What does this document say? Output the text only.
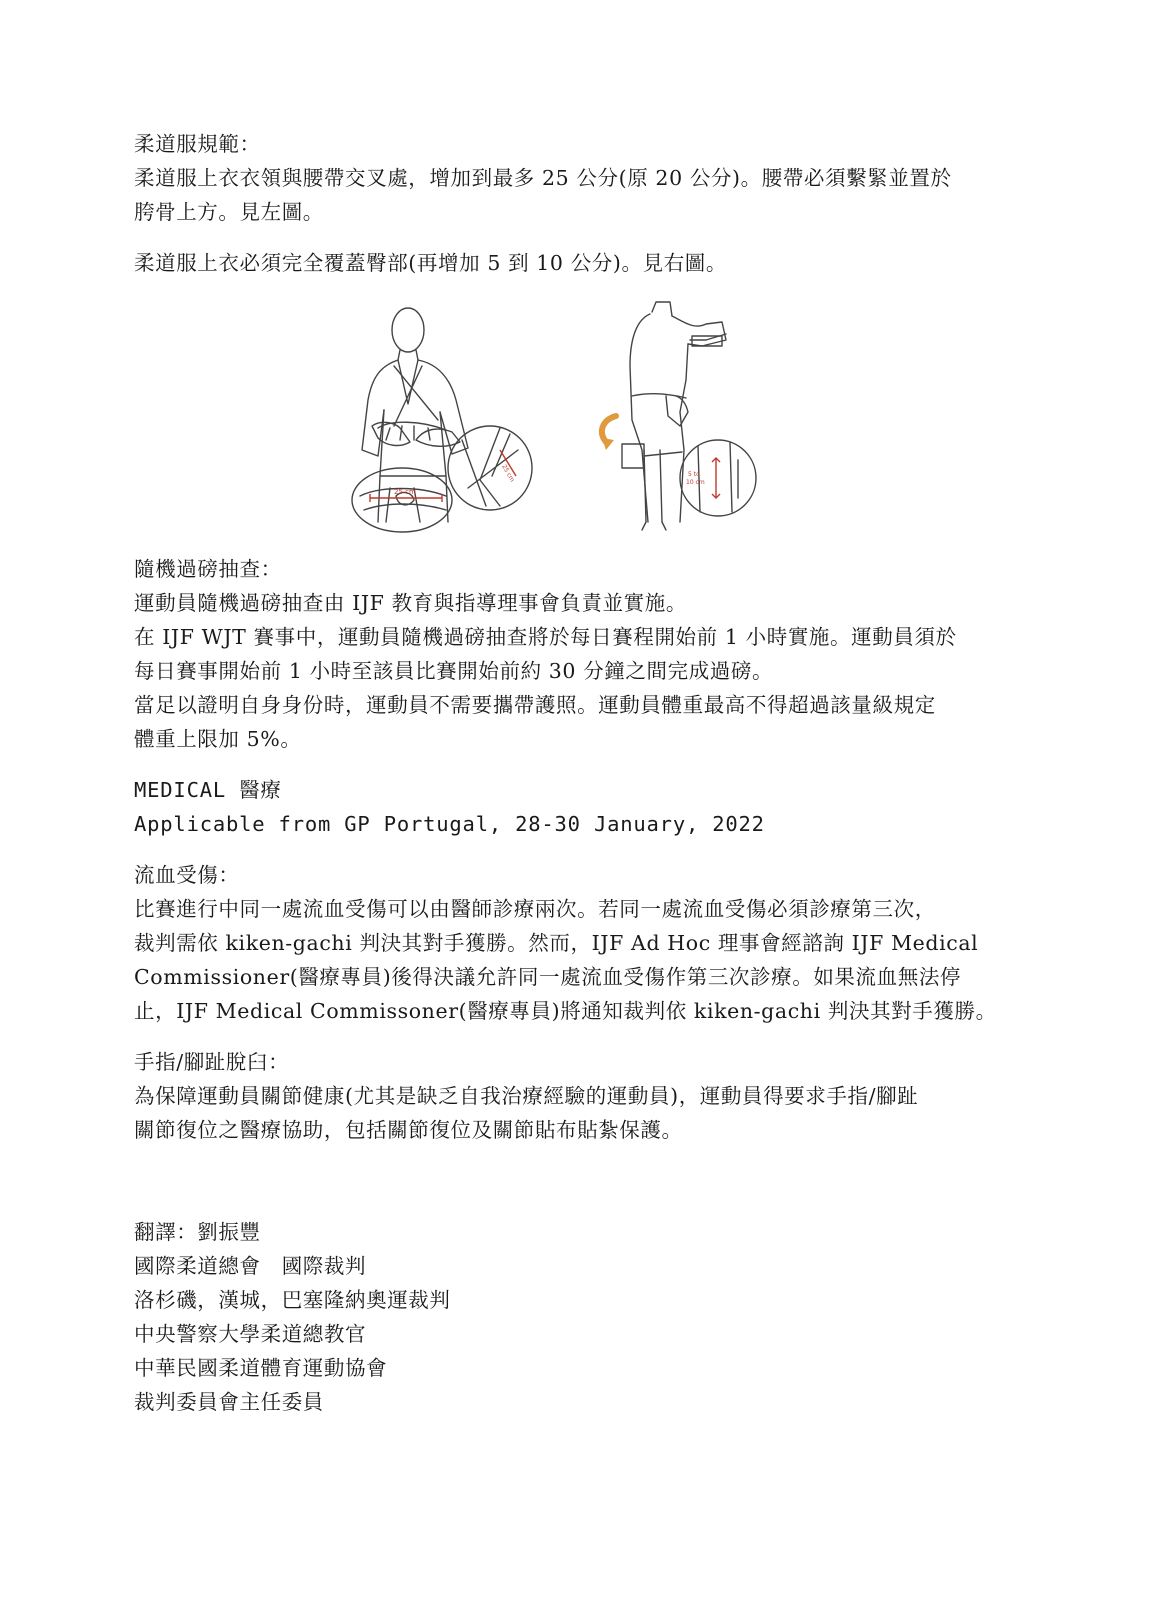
柔道服規範：
柔道服上衣衣領與腰帶交叉處，增加到最多 25 公分(原 20 公分)。腰帶必須繫緊並置於
胯骨上方。見左圖。
柔道服上衣必須完全覆蓋臀部(再增加 5 到 10 公分)。見右圖。
25 cm
25 cm	5 to
10 cm
隨機過磅抽查：
運動員隨機過磅抽查由 IJF 教育與指導理事會負責並實施。
在 IJF WJT 賽事中，運動員隨機過磅抽查將於每日賽程開始前 1 小時實施。運動員須於
每日賽事開始前 1 小時至該員比賽開始前約 30 分鐘之間完成過磅。
當足以證明自身身份時，運動員不需要攜帶護照。運動員體重最高不得超過該量級規定
體重上限加 5%。
MEDICAL 醫療
Applicable from GP Portugal, 28-30 January, 2022
流血受傷：
比賽進行中同一處流血受傷可以由醫師診療兩次。若同一處流血受傷必須診療第三次，
裁判需依 kiken-gachi 判決其對手獲勝。然而，IJF Ad Hoc 理事會經諮詢 IJF Medical
Commissioner(醫療專員)後得決議允許同一處流血受傷作第三次診療。如果流血無法停
止，IJF Medical Commissoner(醫療專員)將通知裁判依 kiken-gachi 判決其對手獲勝。
手指/腳趾脫臼：
為保障運動員關節健康(尤其是缺乏自我治療經驗的運動員)，運動員得要求手指/腳趾
關節復位之醫療協助，包括關節復位及關節貼布貼紮保護。
翻譯：劉振豐
國際柔道總會　國際裁判
洛杉磯，漢城，巴塞隆納奧運裁判
中央警察大學柔道總教官
中華民國柔道體育運動協會
裁判委員會主任委員
